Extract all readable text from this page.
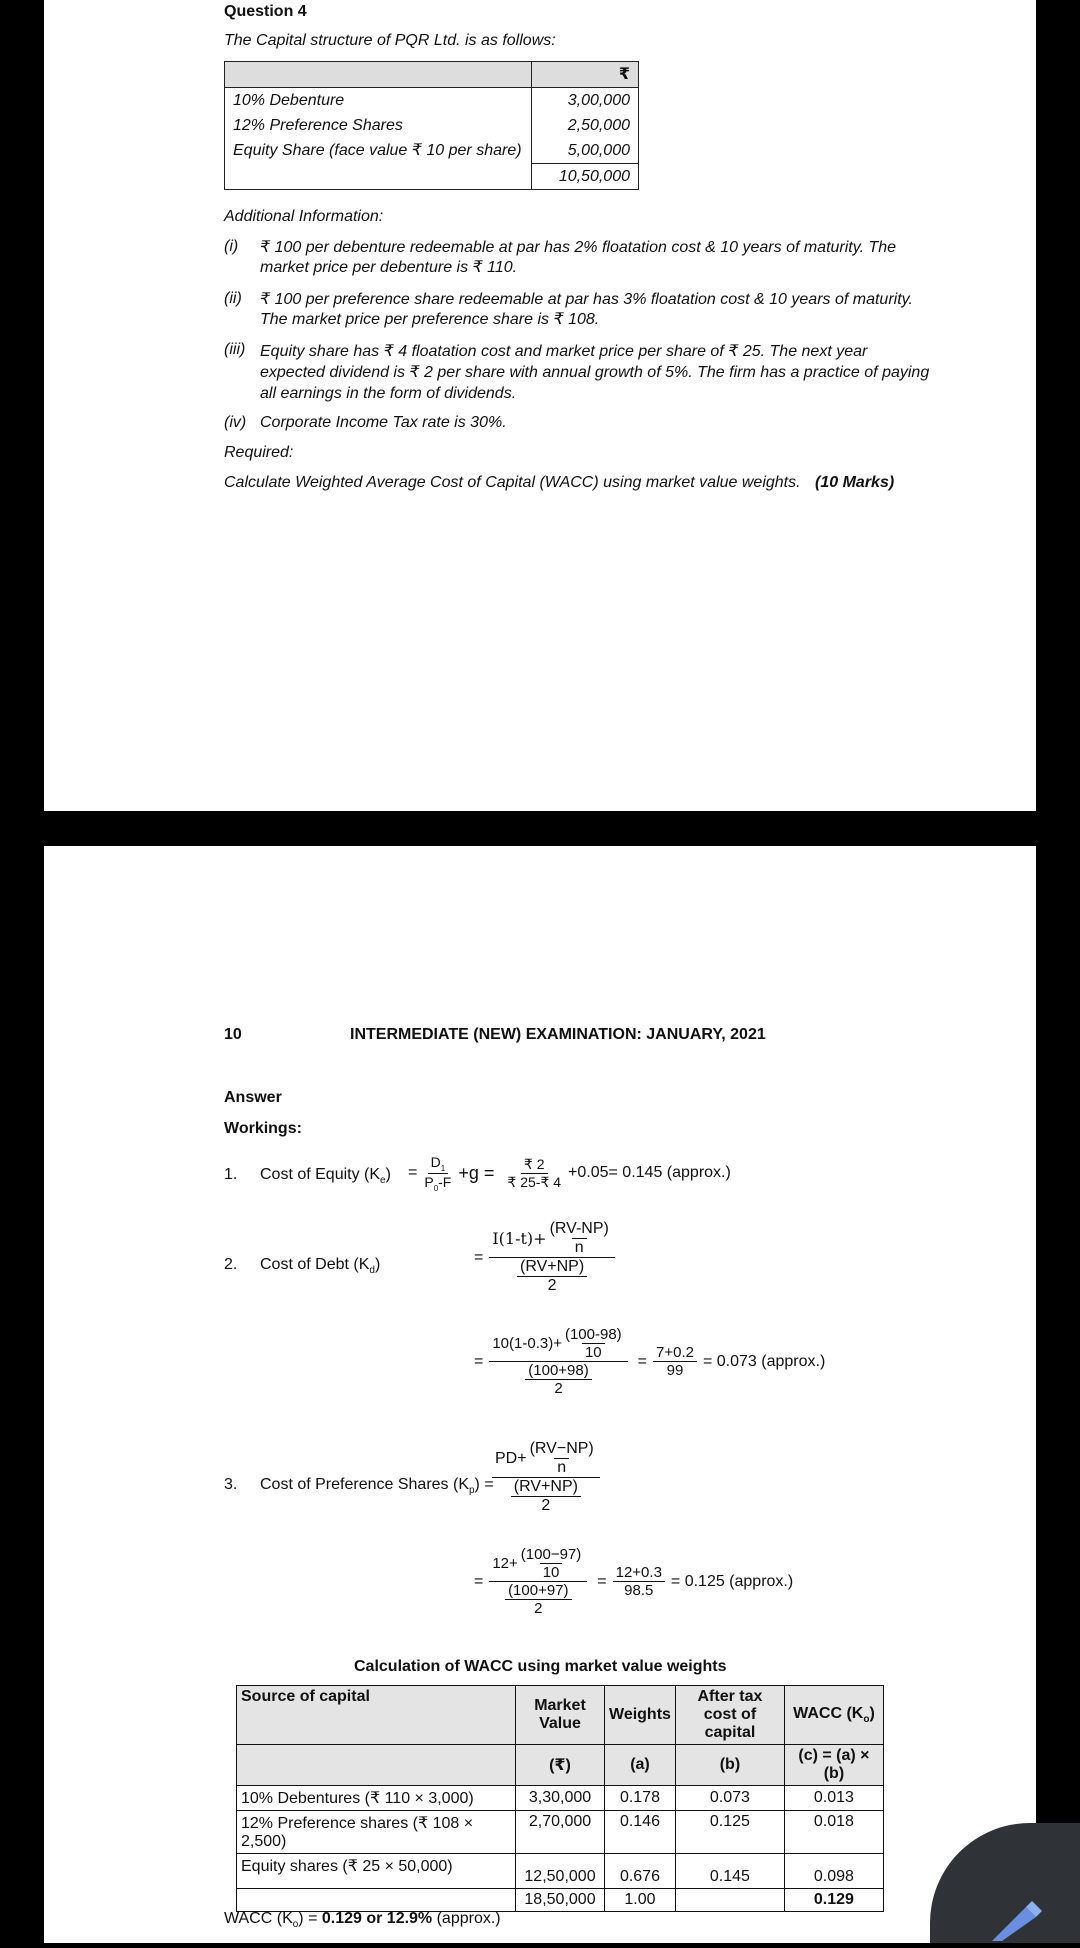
Question 4
The Capital structure of PQR Ltd. is as follows:
	₹
10% Debenture	3,00,000
12% Preference Shares	2,50,000
Equity Share (face value ₹ 10 per share)	5,00,000
	10,50,000
Additional Information:
(i) ₹ 100 per debenture redeemable at par has 2% floatation cost & 10 years of maturity. The market price per debenture is ₹ 110.
(ii) ₹ 100 per preference share redeemable at par has 3% floatation cost & 10 years of maturity. The market price per preference share is ₹ 108.
(iii) Equity share has ₹ 4 floatation cost and market price per share of ₹ 25. The next year expected dividend is ₹ 2 per share with annual growth of 5%. The firm has a practice of paying all earnings in the form of dividends.
(iv) Corporate Income Tax rate is 30%.
Required:
Calculate Weighted Average Cost of Capital (WACC) using market value weights. (10 Marks)
10	INTERMEDIATE (NEW) EXAMINATION: JANUARY, 2021
Answer
Workings:
1. Cost of Equity $(K_e) = \frac{D_1}{P_0-F} +g = \frac{₹ 2}{₹ 25-₹ 4} +0.05= 0.145$ (approx.)
2. Cost of Debt $(K_d)$	= $\frac{I(1-t)+ \frac{(RV-NP)}{n}}{\frac{(RV+NP)}{2}}$
= $\frac{10(1-0.3)+ \frac{(100-98)}{10}}{\frac{(100+98)}{2}} = \frac{7+0.2}{99} = 0.073$ (approx.)
3. Cost of Preference Shares $(K_p)$ =
$\frac{PD+ \frac{(RV-NP)}{n}}{\frac{(RV+NP)}{2}}$
= $\frac{12+ \frac{(100-97)}{10}}{\frac{(100+97)}{2}} = \frac{12+0.3}{98.5} = 0.125$ (approx.)
Calculation of WACC using market value weights
Source of capital	Market Value	Weights	After tax cost of capital	WACC $(K_o)$
	(₹)	(a)	(b)	(c) = (a) × (b)
10% Debentures (₹ 110 × 3,000)	3,30,000	0.178	0.073	0.013
12% Preference shares (₹ 108 × 2,500)	2,70,000	0.146	0.125	0.018
Equity shares (₹ 25 × 50,000)	12,50,000	0.676	0.145	0.098
	18,50,000	1.00		0.129
WACC $(K_o) = 0.129$ or 12.9% (approx.)
